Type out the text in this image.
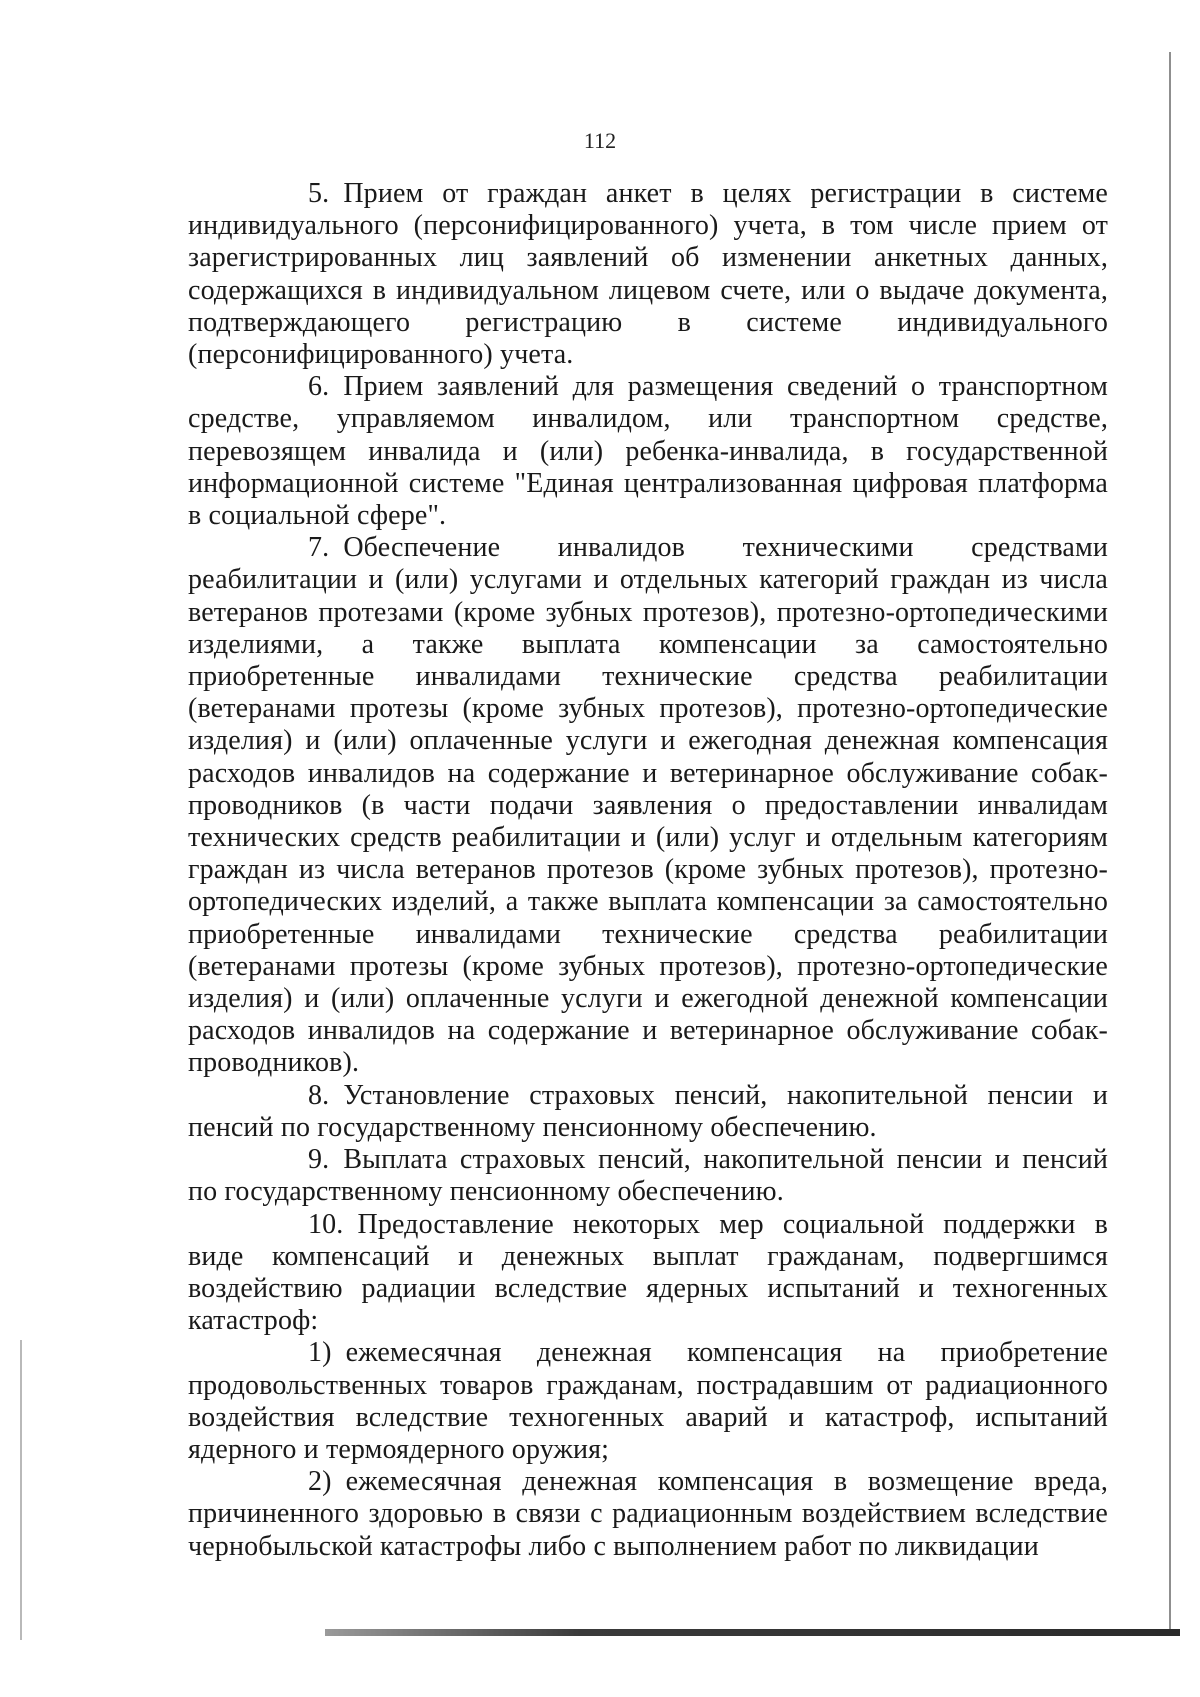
112

5. Прием от граждан анкет в целях регистрации в системе индивидуального (персонифицированного) учета, в том числе прием от зарегистрированных лиц заявлений об изменении анкетных данных, содержащихся в индивидуальном лицевом счете, или о выдаче документа, подтверждающего регистрацию в системе индивидуального (персонифицированного) учета.

6. Прием заявлений для размещения сведений о транспортном средстве, управляемом инвалидом, или транспортном средстве, перевозящем инвалида и (или) ребенка-инвалида, в государственной информационной системе "Единая централизованная цифровая платформа в социальной сфере".

7. Обеспечение инвалидов техническими средствами реабилитации и (или) услугами и отдельных категорий граждан из числа ветеранов протезами (кроме зубных протезов), протезно-ортопедическими изделиями, а также выплата компенсации за самостоятельно приобретенные инвалидами технические средства реабилитации (ветеранами протезы (кроме зубных протезов), протезно-ортопедические изделия) и (или) оплаченные услуги и ежегодная денежная компенсация расходов инвалидов на содержание и ветеринарное обслуживание собак-проводников (в части подачи заявления о предоставлении инвалидам технических средств реабилитации и (или) услуг и отдельным категориям граждан из числа ветеранов протезов (кроме зубных протезов), протезно-ортопедических изделий, а также выплата компенсации за самостоятельно приобретенные инвалидами технические средства реабилитации (ветеранами протезы (кроме зубных протезов), протезно-ортопедические изделия) и (или) оплаченные услуги и ежегодной денежной компенсации расходов инвалидов на содержание и ветеринарное обслуживание собак-проводников).

8. Установление страховых пенсий, накопительной пенсии и пенсий по государственному пенсионному обеспечению.

9. Выплата страховых пенсий, накопительной пенсии и пенсий по государственному пенсионному обеспечению.

10. Предоставление некоторых мер социальной поддержки в виде компенсаций и денежных выплат гражданам, подвергшимся воздействию радиации вследствие ядерных испытаний и техногенных катастроф:

1) ежемесячная денежная компенсация на приобретение продовольственных товаров гражданам, пострадавшим от радиационного воздействия вследствие техногенных аварий и катастроф, испытаний ядерного и термоядерного оружия;

2) ежемесячная денежная компенсация в возмещение вреда, причиненного здоровью в связи с радиационным воздействием вследствие чернобыльской катастрофы либо с выполнением работ по ликвидации
